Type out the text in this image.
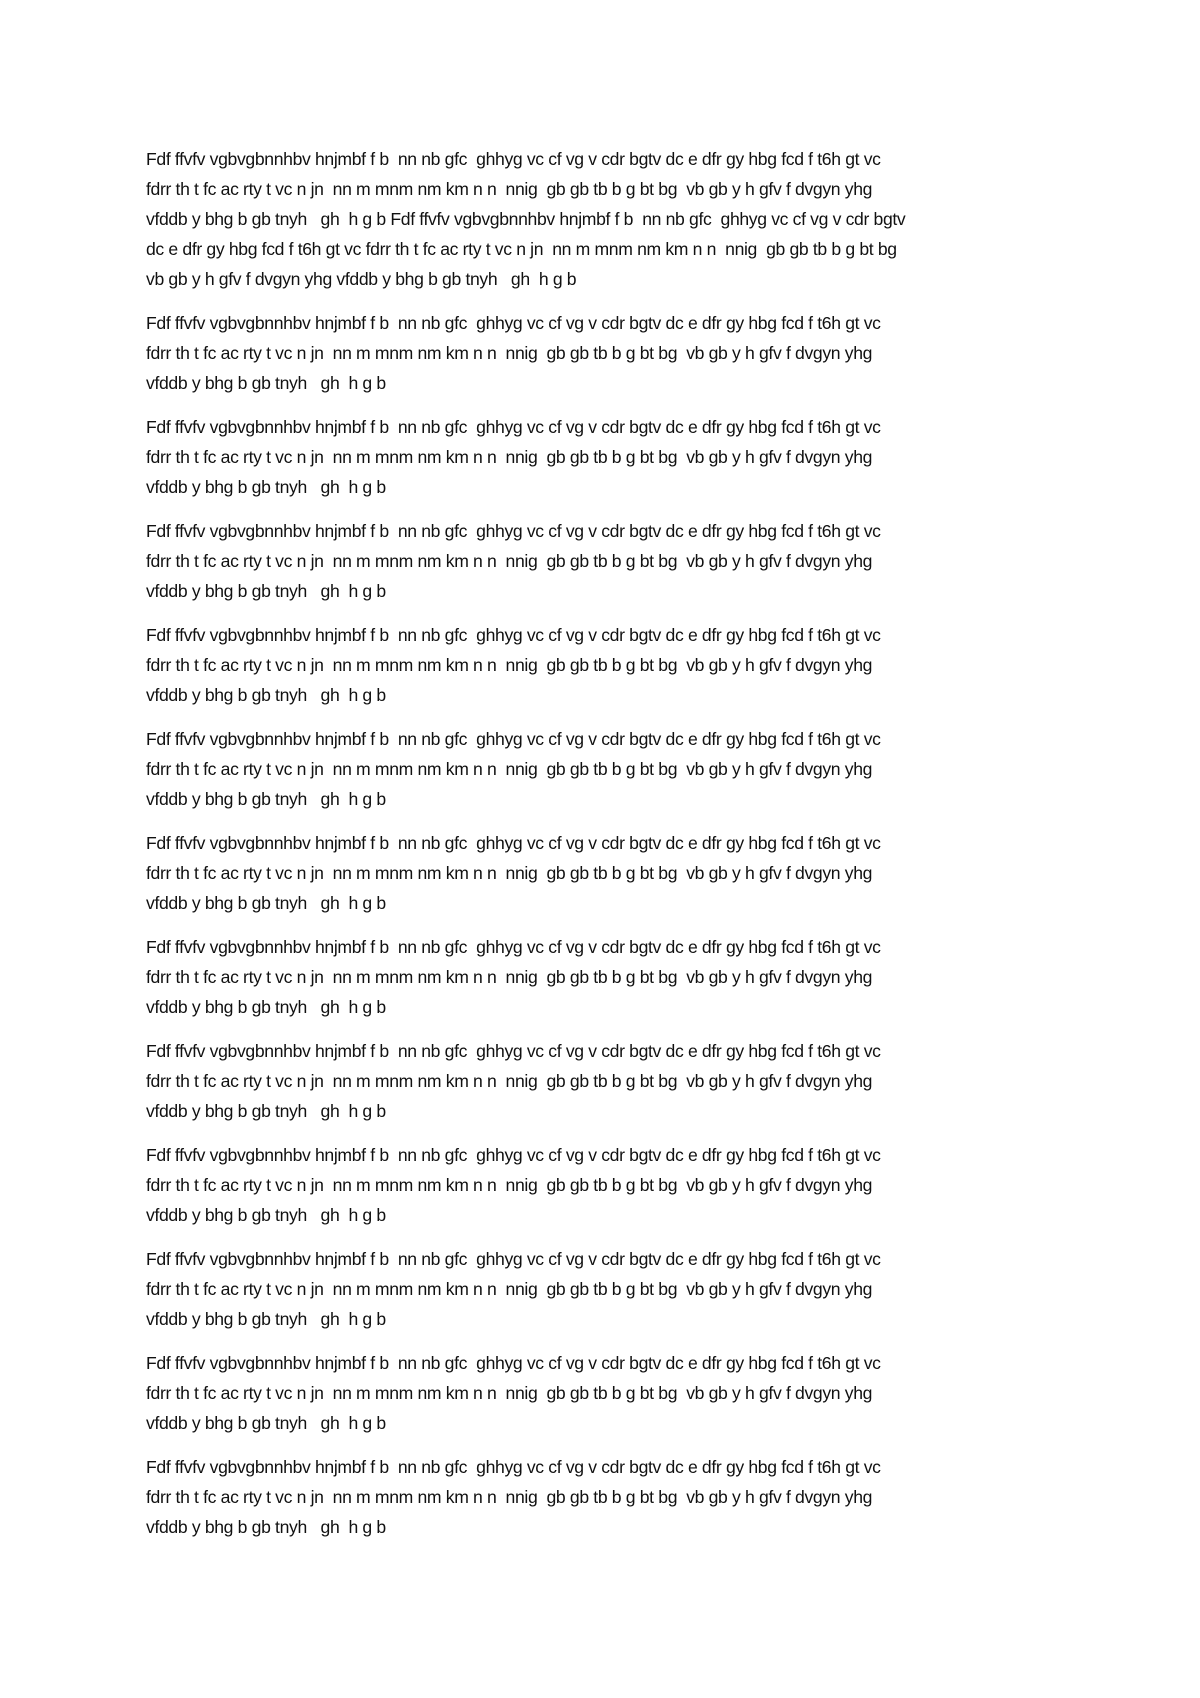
Fdf ffvfv vgbvgbnnhbv hnjmbf f b  nn nb gfc  ghhyg vc cf vg v cdr bgtv dc e dfr gy hbg fcd f t6h gt vc
fdrr th t fc ac rty t vc n jn  nn m mnm nm km n n  nnig  gb gb tb b g bt bg  vb gb y h gfv f dvgyn yhg
vfddb y bhg b gb tnyh   gh  h g b Fdf ffvfv vgbvgbnnhbv hnjmbf f b  nn nb gfc  ghhyg vc cf vg v cdr bgtv
dc e dfr gy hbg fcd f t6h gt vc fdrr th t fc ac rty t vc n jn  nn m mnm nm km n n  nnig  gb gb tb b g bt bg
vb gb y h gfv f dvgyn yhg vfddb y bhg b gb tnyh   gh  h g b

Fdf ffvfv vgbvgbnnhbv hnjmbf f b  nn nb gfc  ghhyg vc cf vg v cdr bgtv dc e dfr gy hbg fcd f t6h gt vc
fdrr th t fc ac rty t vc n jn  nn m mnm nm km n n  nnig  gb gb tb b g bt bg  vb gb y h gfv f dvgyn yhg
vfddb y bhg b gb tnyh   gh  h g b

Fdf ffvfv vgbvgbnnhbv hnjmbf f b  nn nb gfc  ghhyg vc cf vg v cdr bgtv dc e dfr gy hbg fcd f t6h gt vc
fdrr th t fc ac rty t vc n jn  nn m mnm nm km n n  nnig  gb gb tb b g bt bg  vb gb y h gfv f dvgyn yhg
vfddb y bhg b gb tnyh   gh  h g b

Fdf ffvfv vgbvgbnnhbv hnjmbf f b  nn nb gfc  ghhyg vc cf vg v cdr bgtv dc e dfr gy hbg fcd f t6h gt vc
fdrr th t fc ac rty t vc n jn  nn m mnm nm km n n  nnig  gb gb tb b g bt bg  vb gb y h gfv f dvgyn yhg
vfddb y bhg b gb tnyh   gh  h g b

Fdf ffvfv vgbvgbnnhbv hnjmbf f b  nn nb gfc  ghhyg vc cf vg v cdr bgtv dc e dfr gy hbg fcd f t6h gt vc
fdrr th t fc ac rty t vc n jn  nn m mnm nm km n n  nnig  gb gb tb b g bt bg  vb gb y h gfv f dvgyn yhg
vfddb y bhg b gb tnyh   gh  h g b

Fdf ffvfv vgbvgbnnhbv hnjmbf f b  nn nb gfc  ghhyg vc cf vg v cdr bgtv dc e dfr gy hbg fcd f t6h gt vc
fdrr th t fc ac rty t vc n jn  nn m mnm nm km n n  nnig  gb gb tb b g bt bg  vb gb y h gfv f dvgyn yhg
vfddb y bhg b gb tnyh   gh  h g b

Fdf ffvfv vgbvgbnnhbv hnjmbf f b  nn nb gfc  ghhyg vc cf vg v cdr bgtv dc e dfr gy hbg fcd f t6h gt vc
fdrr th t fc ac rty t vc n jn  nn m mnm nm km n n  nnig  gb gb tb b g bt bg  vb gb y h gfv f dvgyn yhg
vfddb y bhg b gb tnyh   gh  h g b

Fdf ffvfv vgbvgbnnhbv hnjmbf f b  nn nb gfc  ghhyg vc cf vg v cdr bgtv dc e dfr gy hbg fcd f t6h gt vc
fdrr th t fc ac rty t vc n jn  nn m mnm nm km n n  nnig  gb gb tb b g bt bg  vb gb y h gfv f dvgyn yhg
vfddb y bhg b gb tnyh   gh  h g b

Fdf ffvfv vgbvgbnnhbv hnjmbf f b  nn nb gfc  ghhyg vc cf vg v cdr bgtv dc e dfr gy hbg fcd f t6h gt vc
fdrr th t fc ac rty t vc n jn  nn m mnm nm km n n  nnig  gb gb tb b g bt bg  vb gb y h gfv f dvgyn yhg
vfddb y bhg b gb tnyh   gh  h g b

Fdf ffvfv vgbvgbnnhbv hnjmbf f b  nn nb gfc  ghhyg vc cf vg v cdr bgtv dc e dfr gy hbg fcd f t6h gt vc
fdrr th t fc ac rty t vc n jn  nn m mnm nm km n n  nnig  gb gb tb b g bt bg  vb gb y h gfv f dvgyn yhg
vfddb y bhg b gb tnyh   gh  h g b

Fdf ffvfv vgbvgbnnhbv hnjmbf f b  nn nb gfc  ghhyg vc cf vg v cdr bgtv dc e dfr gy hbg fcd f t6h gt vc
fdrr th t fc ac rty t vc n jn  nn m mnm nm km n n  nnig  gb gb tb b g bt bg  vb gb y h gfv f dvgyn yhg
vfddb y bhg b gb tnyh   gh  h g b

Fdf ffvfv vgbvgbnnhbv hnjmbf f b  nn nb gfc  ghhyg vc cf vg v cdr bgtv dc e dfr gy hbg fcd f t6h gt vc
fdrr th t fc ac rty t vc n jn  nn m mnm nm km n n  nnig  gb gb tb b g bt bg  vb gb y h gfv f dvgyn yhg
vfddb y bhg b gb tnyh   gh  h g b

Fdf ffvfv vgbvgbnnhbv hnjmbf f b  nn nb gfc  ghhyg vc cf vg v cdr bgtv dc e dfr gy hbg fcd f t6h gt vc
fdrr th t fc ac rty t vc n jn  nn m mnm nm km n n  nnig  gb gb tb b g bt bg  vb gb y h gfv f dvgyn yhg
vfddb y bhg b gb tnyh   gh  h g b
